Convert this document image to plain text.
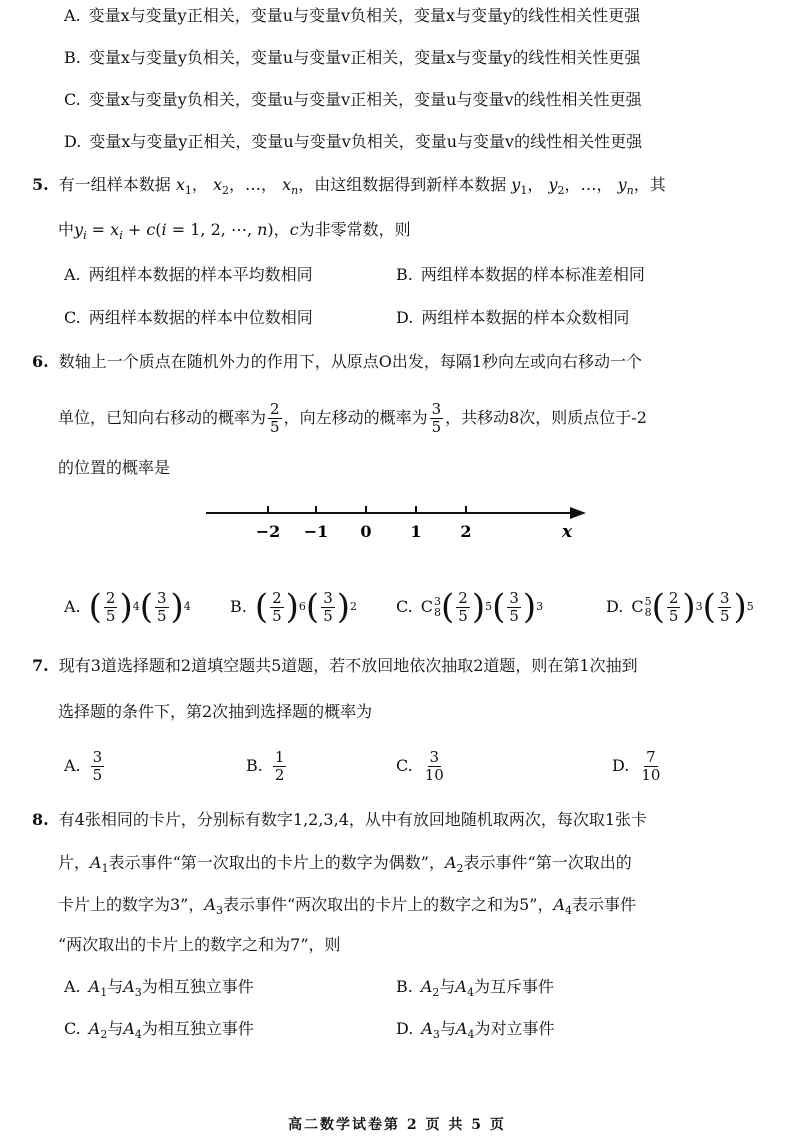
A. 变量x与变量y正相关，变量u与变量v负相关，变量x与变量y的线性相关性更强
B. 变量x与变量y负相关，变量u与变量v正相关，变量x与变量y的线性相关性更强
C. 变量x与变量y负相关，变量u与变量v正相关，变量u与变量v的线性相关性更强
D. 变量x与变量y正相关，变量u与变量v负相关，变量u与变量v的线性相关性更强
5. 有一组样本数据 $x_1$， $x_2$，…， $x_n$，由这组数据得到新样本数据 $y_1$， $y_2$，…， $y_n$，其
中$y_i = x_i + c(i = 1$, 2, ⋯, n)，c为非零常数，则
A. 两组样本数据的样本平均数相同	B. 两组样本数据的样本标准差相同
C. 两组样本数据的样本中位数相同	D. 两组样本数据的样本众数相同
6. 数轴上一个质点在随机外力的作用下，从原点O出发，每隔1秒向左或向右移动一个
单位，已知向右移动的概率为 $\frac{2}{5}$ ，向左移动的概率为 $\frac{3}{5}$ ，共移动8次，则质点位于-2
的位置的概率是
−2 −1 0 1 2	x
A. ( $\frac{2}{5}$ ) 4 ( $\frac{3}{5}$ ) 4 B. ( $\frac{2}{5}$ ) 6 ( $\frac{3}{5}$ ) 2 C. C 3
8 ( $\frac{2}{5}$ ) 5 ( $\frac{3}{5}$ ) 3	D. C 5
8 ( $\frac{2}{5}$ ) 3 ( $\frac{3}{5}$ ) 5
7. 现有3道选择题和2道填空题共5道题，若不放回地依次抽取2道题，则在第1次抽到
选择题的条件下，第2次抽到选择题的概率为
A. $\frac{3}{5}$	B. $\frac{1}{2}$	C. $\frac{3}{10}$	D. $\frac{7}{10}$
8. 有4张相同的卡片，分别标有数字1,2,3,4，从中有放回地随机取两次，每次取1张卡
片，$A_1$表示事件“第一次取出的卡片上的数字为偶数”，$A_2$表示事件“第一次取出的
卡片上的数字为3”，$A_3$表示事件“两次取出的卡片上的数字之和为5”，$A_4$表示事件
“两次取出的卡片上的数字之和为7”，则
A. $A_1$与$A_3$为相互独立事件	B. $A_2$与$A_4$为互斥事件
C. $A_2$与$A_4$为相互独立事件	D. $A_3$与$A_4$为对立事件
高二数学试卷第 2 页 共 5 页
